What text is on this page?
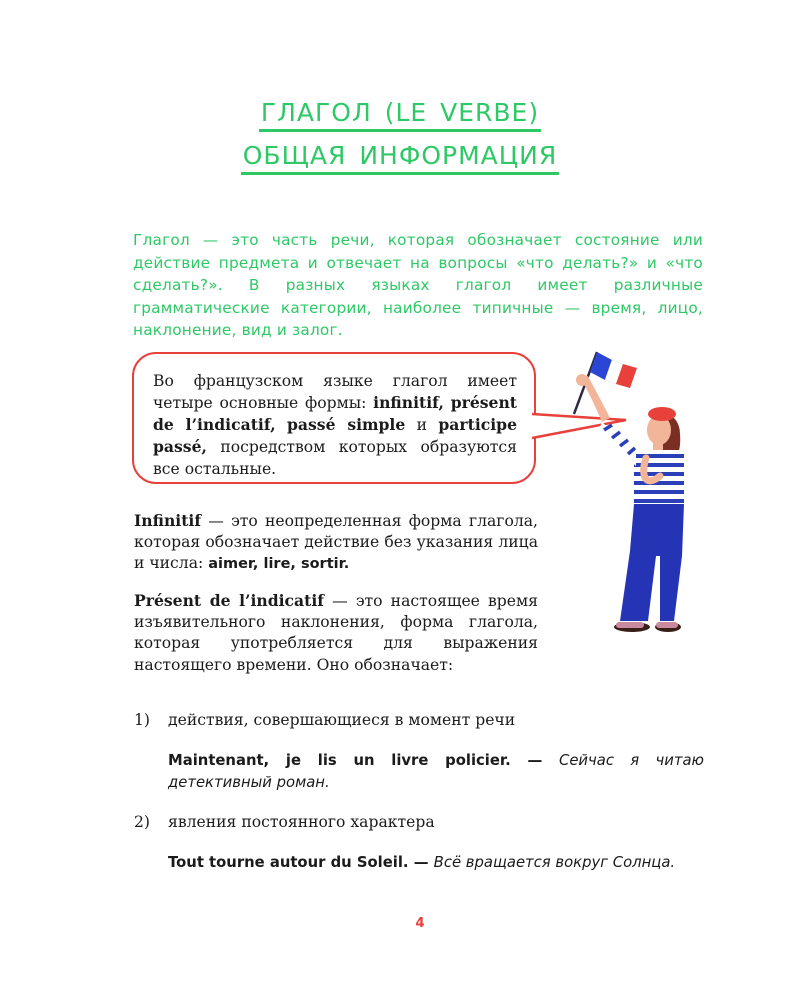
ГЛАГОЛ (LE VERBE)
ОБЩАЯ ИНФОРМАЦИЯ
Глагол — это часть речи, которая обозначает состояние или действие предмета и отвечает на вопросы «что делать?» и «что сделать?». В разных языках глагол имеет различные грамматические категории, наиболее типичные — время, лицо, наклонение, вид и залог.
Во французском языке глагол имеет четыре основные формы: infinitif, présent de l’indicatif, passé simple и participe passé, посредством которых образуются все остальные.
Infinitif — это неопределенная форма глагола, которая обозначает действие без указания лица и числа: aimer, lire, sortir.
Présent de l’indicatif — это настоящее время изъявительного наклонения, форма глагола, которая употребляется для выражения настоящего времени. Оно обозначает:
1) действия, совершающиеся в момент речи
Maintenant, je lis un livre policier. — Сейчас я читаю детективный роман.
2) явления постоянного характера
Tout tourne autour du Soleil. — Всё вращается вокруг Солнца.
4
